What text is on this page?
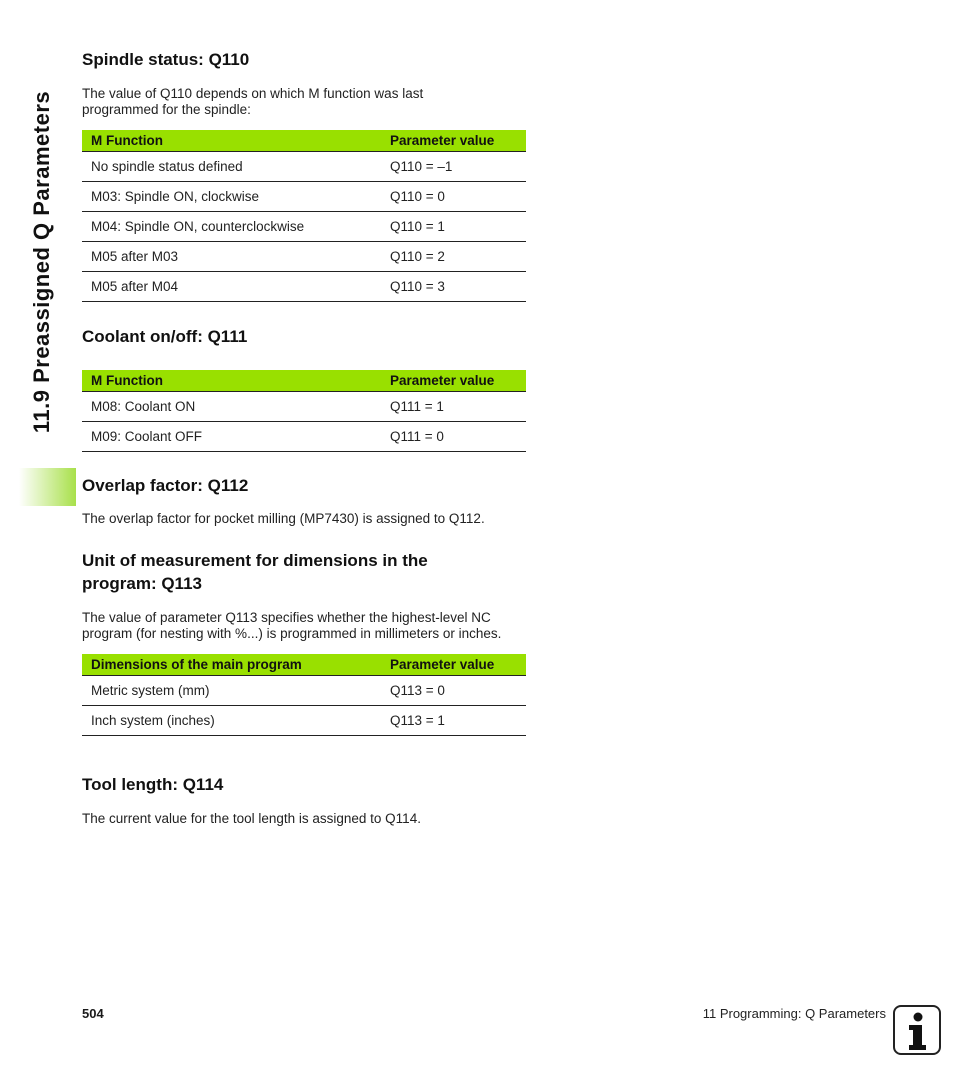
11.9 Preassigned Q Parameters
Spindle status: Q110

The value of Q110 depends on which M function was last programmed for the spindle:

M Function	Parameter value
No spindle status defined	Q110 = –1
M03: Spindle ON, clockwise	Q110 = 0
M04: Spindle ON, counterclockwise	Q110 = 1
M05 after M03	Q110 = 2
M05 after M04	Q110 = 3
Coolant on/off: Q111
M Function	Parameter value
M08: Coolant ON	Q111 = 1
M09: Coolant OFF	Q111 = 0
Overlap factor: Q112

The overlap factor for pocket milling (MP7430) is assigned to Q112.

Unit of measurement for dimensions in the
program: Q113

The value of parameter Q113 specifies whether the highest-level NC program (for nesting with %...) is programmed in millimeters or inches.

Dimensions of the main program	Parameter value
Metric system (mm)	Q113 = 0
Inch system (inches)	Q113 = 1
Tool length: Q114

The current value for the tool length is assigned to Q114.

504	11 Programming: Q Parameters
